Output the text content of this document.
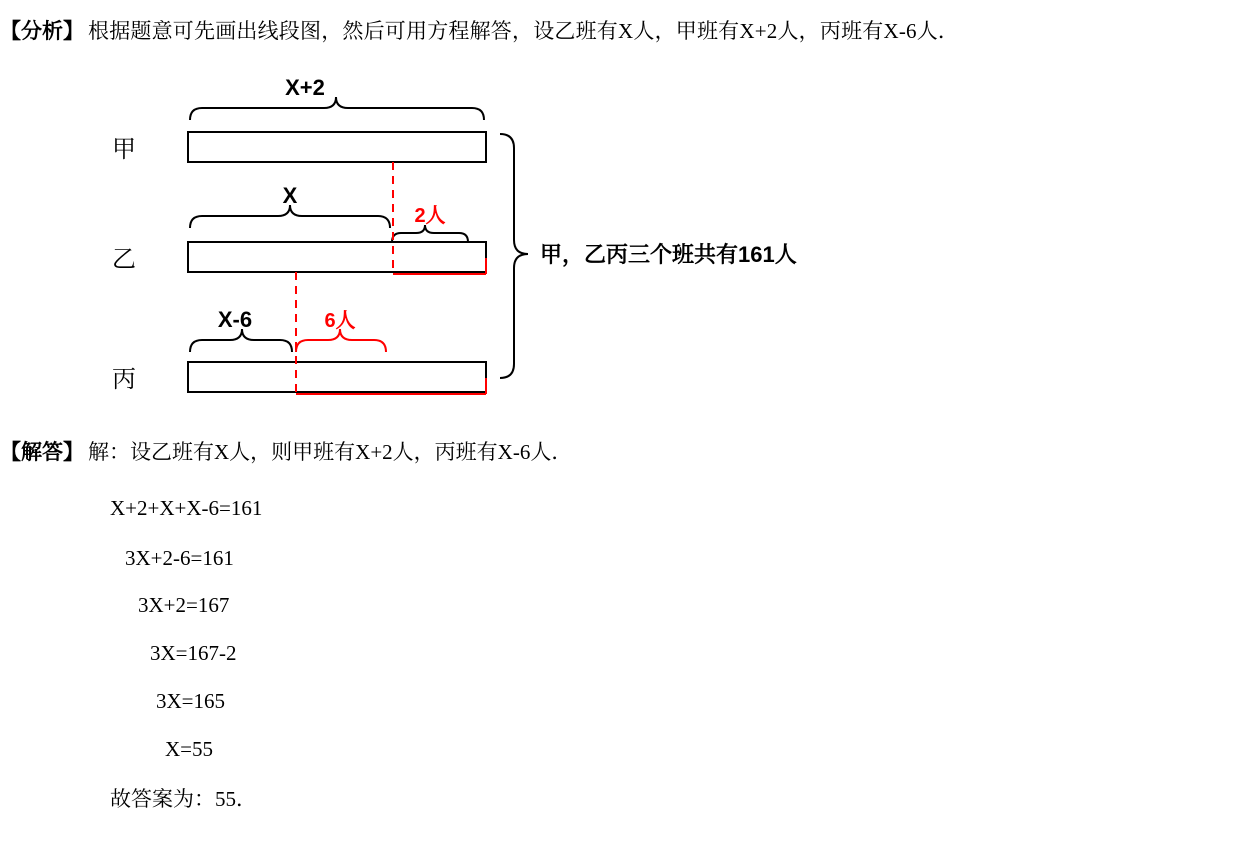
【分析】 根据题意可先画出线段图，然后可用方程解答，设乙班有X人，甲班有X+2人，丙班有X-6人．
甲
乙
丙
X+2
X
X-6
2人
6人
甲，乙丙三个班共有161人
【解答】 解：设乙班有X人，则甲班有X+2人，丙班有X-6人．
X+2+X+X-6=161
3X+2-6=161
3X+2=167
3X=167-2
3X=165
X=55
故答案为：55．
